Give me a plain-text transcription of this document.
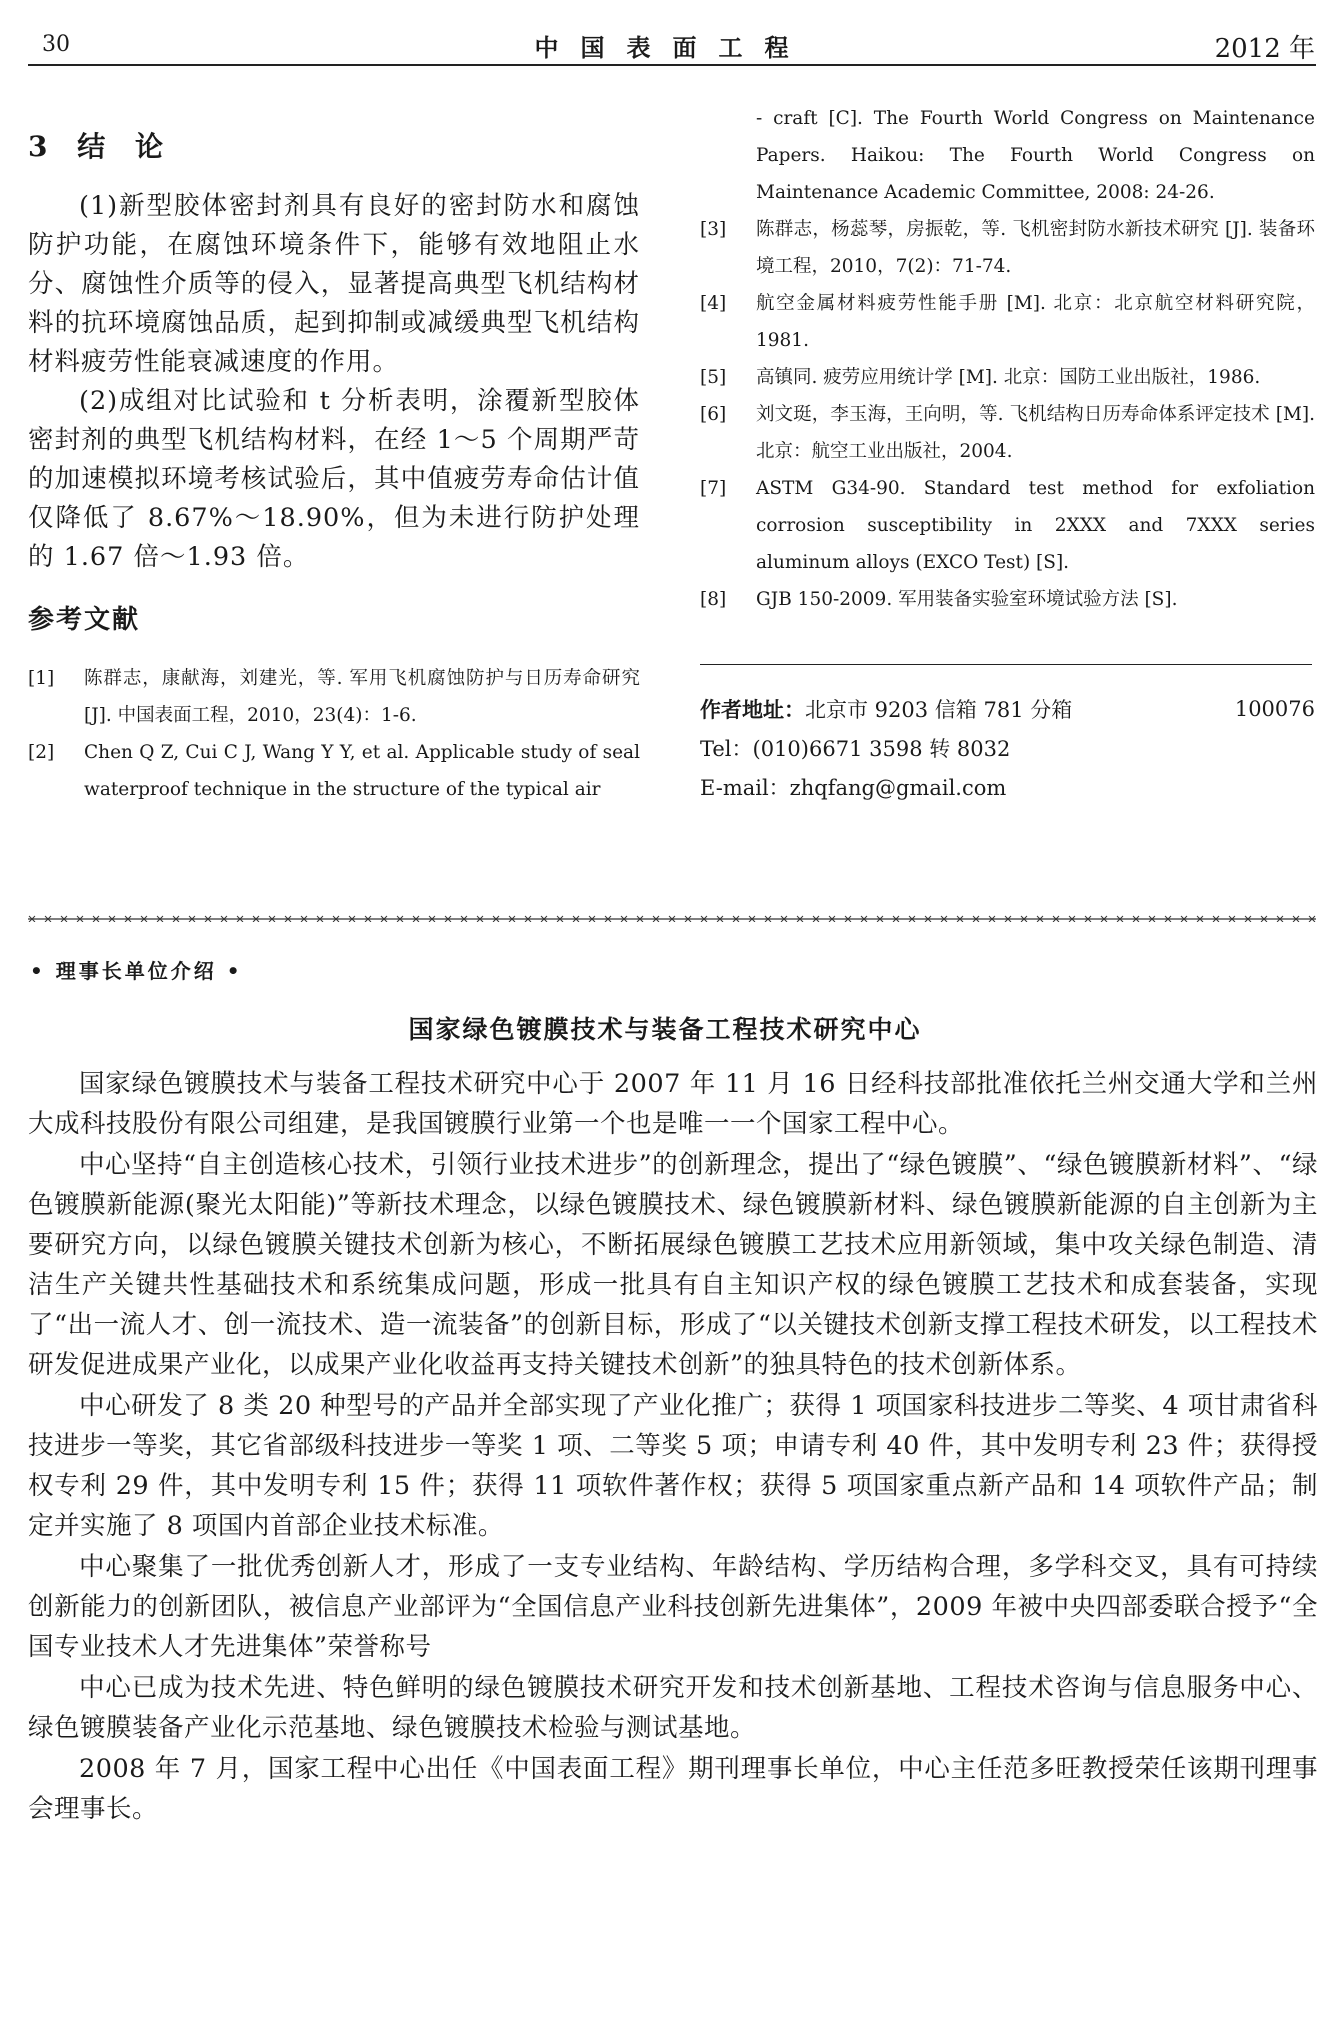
30	中国表面工程	2012 年
3 结 论

(1)新型胶体密封剂具有良好的密封防水和腐蚀防护功能，在腐蚀环境条件下，能够有效地阻止水分、腐蚀性介质等的侵入，显著提高典型飞机结构材料的抗环境腐蚀品质，起到抑制或减缓典型飞机结构材料疲劳性能衰减速度的作用。

(2)成组对比试验和 t 分析表明，涂覆新型胶体密封剂的典型飞机结构材料，在经 1～5 个周期严苛的加速模拟环境考核试验后，其中值疲劳寿命估计值仅降低了 8.67%～18.90%，但为未进行防护处理的 1.67 倍～1.93 倍。

参考文献
[1] 陈群志，康献海，刘建光，等. 军用飞机腐蚀防护与日历寿命研究 [J]. 中国表面工程，2010，23(4)：1-6.
[2] Chen Q Z, Cui C J, Wang Y Y, et al. Applicable study of seal waterproof technique in the structure of the typical air
- craft [C]. The Fourth World Congress on Maintenance Papers. Haikou: The Fourth World Congress on Maintenance Academic Committee, 2008: 24-26.
[3] 陈群志，杨蕊琴，房振乾，等. 飞机密封防水新技术研究 [J]. 装备环境工程，2010，7(2)：71-74.
[4] 航空金属材料疲劳性能手册 [M]. 北京：北京航空材料研究院，1981.
[5] 高镇同. 疲劳应用统计学 [M]. 北京：国防工业出版社，1986.
[6] 刘文珽，李玉海，王向明，等. 飞机结构日历寿命体系评定技术 [M]. 北京：航空工业出版社，2004.
[7] ASTM G34-90. Standard test method for exfoliation corrosion susceptibility in 2XXX and 7XXX series aluminum alloys (EXCO Test) [S].
[8] GJB 150-2009. 军用装备实验室环境试验方法 [S].
作者地址：北京市 9203 信箱 781 分箱	100076
Tel：(010)6671 3598 转 8032
E-mail：zhqfang@gmail.com
• 理事长单位介绍 •
国家绿色镀膜技术与装备工程技术研究中心

国家绿色镀膜技术与装备工程技术研究中心于 2007 年 11 月 16 日经科技部批准依托兰州交通大学和兰州大成科技股份有限公司组建，是我国镀膜行业第一个也是唯一一个国家工程中心。

中心坚持“自主创造核心技术，引领行业技术进步”的创新理念，提出了“绿色镀膜”、“绿色镀膜新材料”、“绿色镀膜新能源(聚光太阳能)”等新技术理念，以绿色镀膜技术、绿色镀膜新材料、绿色镀膜新能源的自主创新为主要研究方向，以绿色镀膜关键技术创新为核心，不断拓展绿色镀膜工艺技术应用新领域，集中攻关绿色制造、清洁生产关键共性基础技术和系统集成问题，形成一批具有自主知识产权的绿色镀膜工艺技术和成套装备，实现了“出一流人才、创一流技术、造一流装备”的创新目标，形成了“以关键技术创新支撑工程技术研发，以工程技术研发促进成果产业化，以成果产业化收益再支持关键技术创新”的独具特色的技术创新体系。

中心研发了 8 类 20 种型号的产品并全部实现了产业化推广；获得 1 项国家科技进步二等奖、4 项甘肃省科技进步一等奖，其它省部级科技进步一等奖 1 项、二等奖 5 项；申请专利 40 件，其中发明专利 23 件；获得授权专利 29 件，其中发明专利 15 件；获得 11 项软件著作权；获得 5 项国家重点新产品和 14 项软件产品；制定并实施了 8 项国内首部企业技术标准。

中心聚集了一批优秀创新人才，形成了一支专业结构、年龄结构、学历结构合理，多学科交叉，具有可持续创新能力的创新团队，被信息产业部评为“全国信息产业科技创新先进集体”，2009 年被中央四部委联合授予“全国专业技术人才先进集体”荣誉称号

中心已成为技术先进、特色鲜明的绿色镀膜技术研究开发和技术创新基地、工程技术咨询与信息服务中心、绿色镀膜装备产业化示范基地、绿色镀膜技术检验与测试基地。

2008 年 7 月，国家工程中心出任《中国表面工程》期刊理事长单位，中心主任范多旺教授荣任该期刊理事会理事长。
